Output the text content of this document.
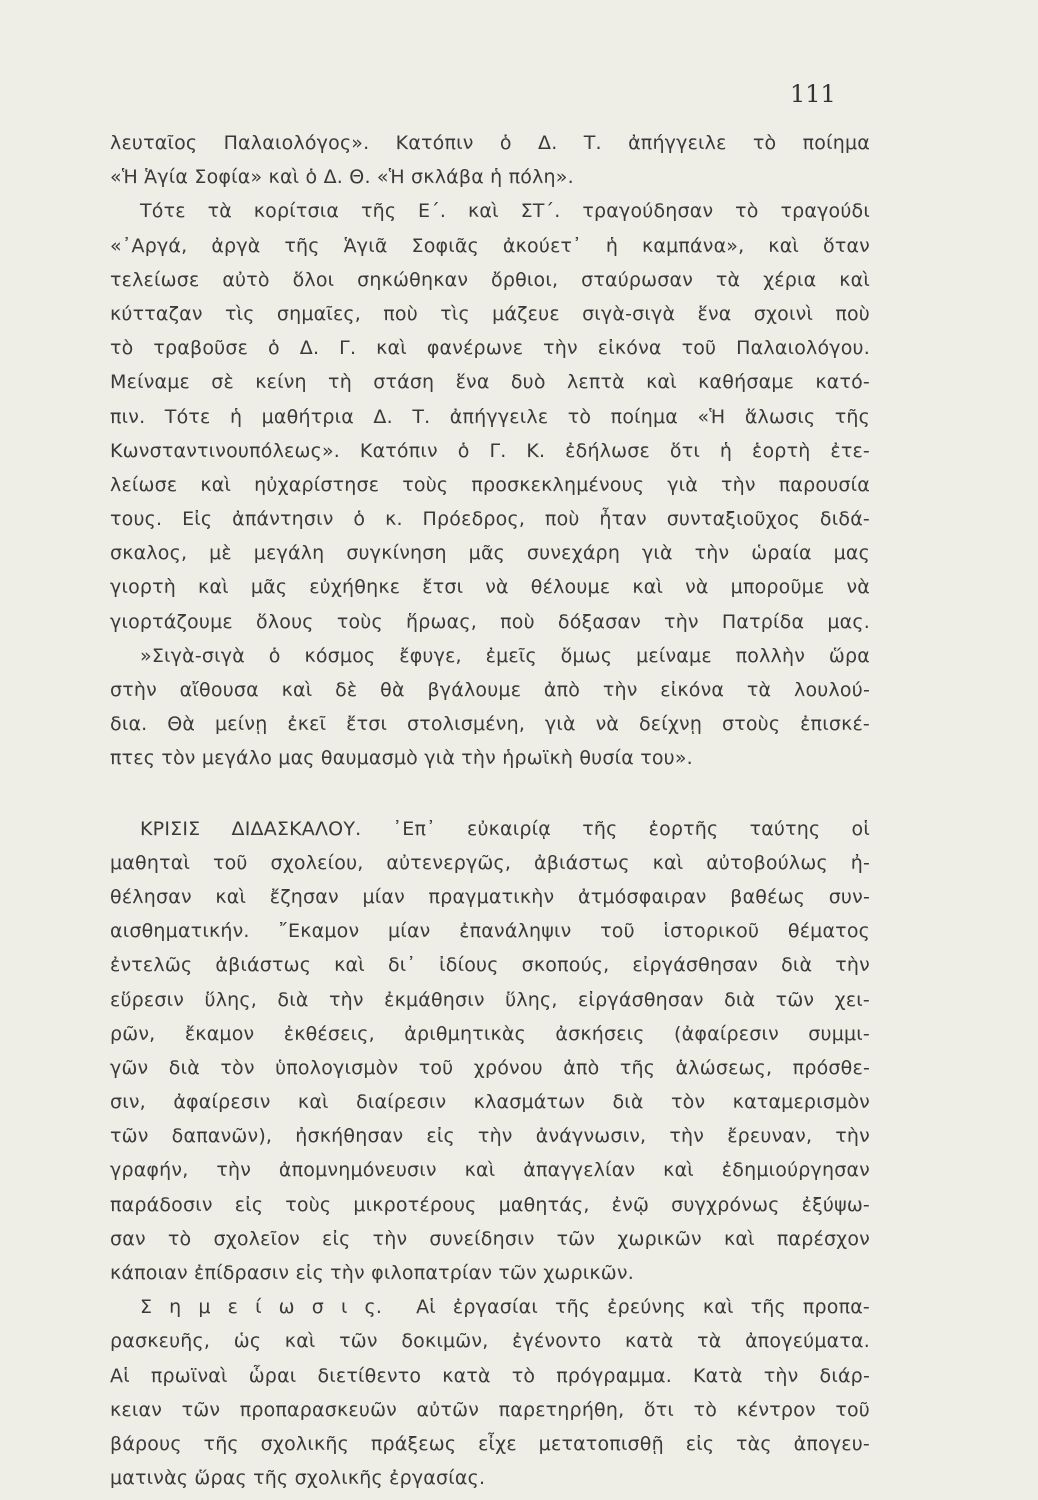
111
λευταῖος Παλαιολόγος». Κατόπιν ὁ Δ. Τ. ἀπήγγειλε τὸ ποίημα
«Ἡ Ἁγία Σοφία» καὶ ὁ Δ. Θ. «Ἡ σκλάβα ἡ πόλη».
Τότε τὰ κορίτσια τῆς Ε΄. καὶ ΣΤ΄. τραγούδησαν τὸ τραγούδι
«᾿Αργά, ἀργὰ τῆς Ἁγιᾶ Σοφιᾶς ἀκούετ᾿ ἡ καμπάνα», καὶ ὅταν
τελείωσε αὐτὸ ὅλοι σηκώθηκαν ὄρθιοι, σταύρωσαν τὰ χέρια καὶ
κύτταζαν τὶς σημαῖες, ποὺ τὶς μάζευε σιγὰ-σιγὰ ἕνα σχοινὶ ποὺ
τὸ τραβοῦσε ὁ Δ. Γ. καὶ φανέρωνε τὴν εἰκόνα τοῦ Παλαιολόγου.
Μείναμε σὲ κείνη τὴ στάση ἕνα δυὸ λεπτὰ καὶ καθήσαμε κατό-
πιν. Τότε ἡ μαθήτρια Δ. Τ. ἀπήγγειλε τὸ ποίημα «Ἡ ἅλωσις τῆς
Κωνσταντινουπόλεως». Κατόπιν ὁ Γ. Κ. ἐδήλωσε ὅτι ἡ ἑορτὴ ἐτε-
λείωσε καὶ ηὐχαρίστησε τοὺς προσκεκλημένους γιὰ τὴν παρουσία
τους. Εἰς ἀπάντησιν ὁ κ. Πρόεδρος, ποὺ ἦταν συνταξιοῦχος διδά-
σκαλος, μὲ μεγάλη συγκίνηση μᾶς συνεχάρη γιὰ τὴν ὡραία μας
γιορτὴ καὶ μᾶς εὐχήθηκε ἔτσι νὰ θέλουμε καὶ νὰ μποροῦμε νὰ
γιορτάζουμε ὅλους τοὺς ἥρωας, ποὺ δόξασαν τὴν Πατρίδα μας.
»Σιγὰ-σιγὰ ὁ κόσμος ἔφυγε, ἐμεῖς ὅμως μείναμε πολλὴν ὥρα
στὴν αἴθουσα καὶ δὲ θὰ βγάλουμε ἀπὸ τὴν εἰκόνα τὰ λουλού-
δια. Θὰ μείνῃ ἐκεῖ ἔτσι στολισμένη, γιὰ νὰ δείχνῃ στοὺς ἐπισκέ-
πτες τὸν μεγάλο μας θαυμασμὸ γιὰ τὴν ἡρωϊκὴ θυσία του».
ΚΡΙΣΙΣ ΔΙΔΑΣΚΑΛΟΥ. ᾿Επ᾿ εὐκαιρίᾳ τῆς ἑορτῆς ταύτης οἱ
μαθηταὶ τοῦ σχολείου, αὐτενεργῶς, ἀβιάστως καὶ αὐτοβούλως ἠ-
θέλησαν καὶ ἔζησαν μίαν πραγματικὴν ἀτμόσφαιραν βαθέως συν-
αισθηματικήν. ῎Εκαμον μίαν ἐπανάληψιν τοῦ ἱστορικοῦ θέματος
ἐντελῶς ἀβιάστως καὶ δι᾿ ἰδίους σκοπούς, εἰργάσθησαν διὰ τὴν
εὕρεσιν ὕλης, διὰ τὴν ἐκμάθησιν ὕλης, εἰργάσθησαν διὰ τῶν χει-
ρῶν, ἔκαμον ἐκθέσεις, ἀριθμητικὰς ἀσκήσεις (ἀφαίρεσιν συμμι-
γῶν διὰ τὸν ὑπολογισμὸν τοῦ χρόνου ἀπὸ τῆς ἁλώσεως, πρόσθε-
σιν, ἀφαίρεσιν καὶ διαίρεσιν κλασμάτων διὰ τὸν καταμερισμὸν
τῶν δαπανῶν), ἠσκήθησαν εἰς τὴν ἀνάγνωσιν, τὴν ἔρευναν, τὴν
γραφήν, τὴν ἀπομνημόνευσιν καὶ ἀπαγγελίαν καὶ ἐδημιούργησαν
παράδοσιν εἰς τοὺς μικροτέρους μαθητάς, ἐνῷ συγχρόνως ἐξύψω-
σαν τὸ σχολεῖον εἰς τὴν συνείδησιν τῶν χωρικῶν καὶ παρέσχον
κάποιαν ἐπίδρασιν εἰς τὴν φιλοπατρίαν τῶν χωρικῶν.
Σ η μ ε ί ω σ ι ς.  Αἱ ἐργασίαι τῆς ἐρεύνης καὶ τῆς προπα-
ρασκευῆς, ὡς καὶ τῶν δοκιμῶν, ἐγένοντο κατὰ τὰ ἀπογεύματα.
Αἱ πρωϊναὶ ὧραι διετίθεντο κατὰ τὸ πρόγραμμα. Κατὰ τὴν διάρ-
κειαν τῶν προπαρασκευῶν αὐτῶν παρετηρήθη, ὅτι τὸ κέντρον τοῦ
βάρους τῆς σχολικῆς πράξεως εἶχε μετατοπισθῇ εἰς τὰς ἀπογευ-
ματινὰς ὥρας τῆς σχολικῆς ἐργασίας.
